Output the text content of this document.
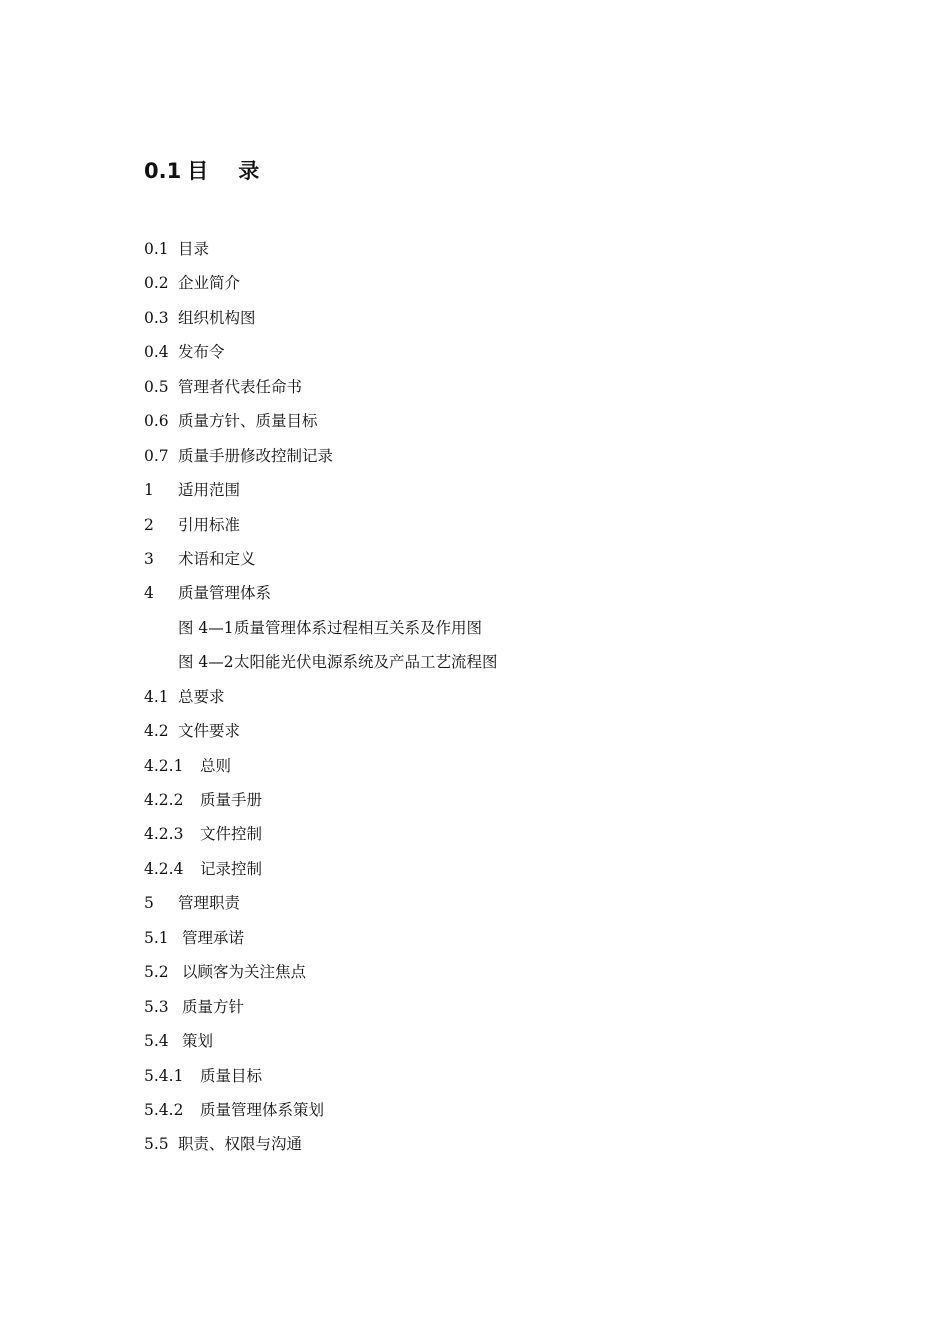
0.1 目 录
0.1 目录
0.2 企业简介
0.3 组织机构图
0.4 发布令
0.5 管理者代表任命书
0.6 质量方针、质量目标
0.7 质量手册修改控制记录
1 适用范围
2 引用标准
3 术语和定义
4 质量管理体系
图 4—1质量管理体系过程相互关系及作用图
图 4—2太阳能光伏电源系统及产品工艺流程图
4.1 总要求
4.2 文件要求
4.2.1 总则
4.2.2 质量手册
4.2.3 文件控制
4.2.4 记录控制
5 管理职责
5.1 管理承诺
5.2 以顾客为关注焦点
5.3 质量方针
5.4 策划
5.4.1 质量目标
5.4.2 质量管理体系策划
5.5 职责、权限与沟通
